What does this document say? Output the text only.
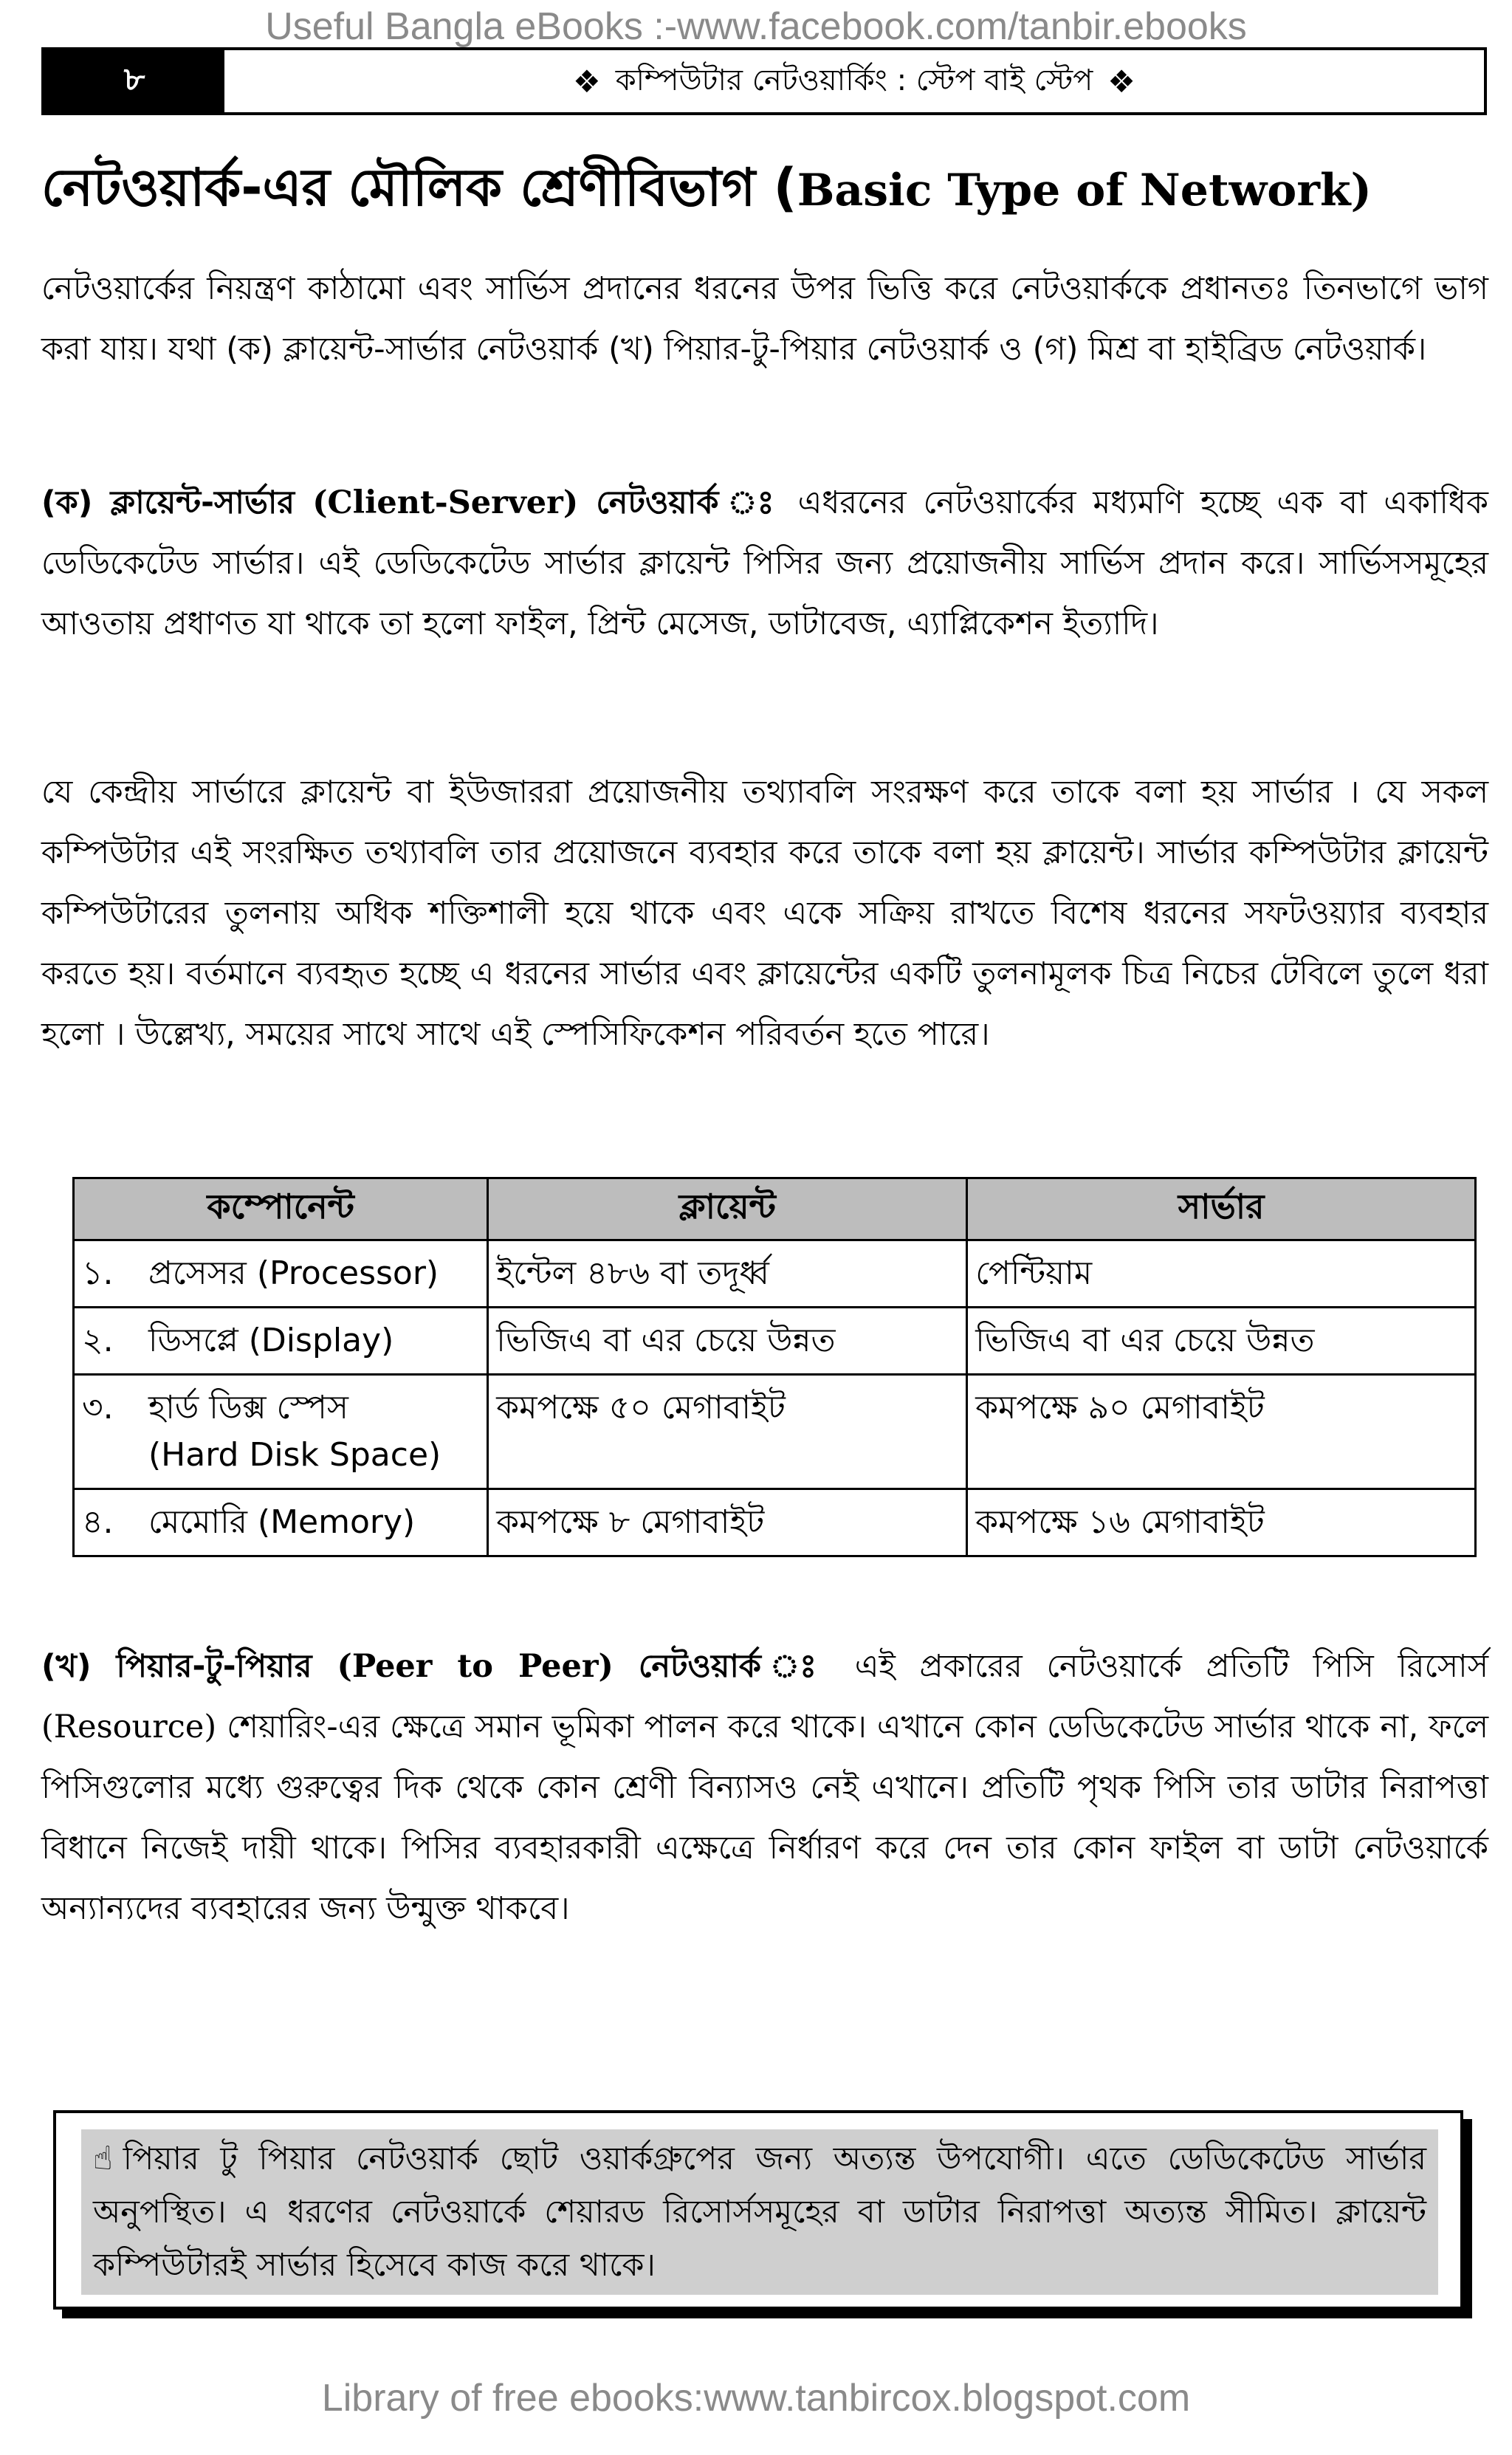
Useful Bangla eBooks :-www.facebook.com/tanbir.ebooks
৮	❖ কম্পিউটার নেটওয়ার্কিং : স্টেপ বাই স্টেপ ❖
নেটওয়ার্ক-এর মৌলিক শ্রেণীবিভাগ (Basic Type of Network)

নেটওয়ার্কের নিয়ন্ত্রণ কাঠামো এবং সার্ভিস প্রদানের ধরনের উপর ভিত্তি করে নেটওয়ার্ককে প্রধানতঃ তিনভাগে ভাগ করা যায়। যথা (ক) ক্লায়েন্ট-সার্ভার নেটওয়ার্ক (খ) পিয়ার-টু-পিয়ার নেটওয়ার্ক ও (গ) মিশ্র বা হাইব্রিড নেটওয়ার্ক।

(ক) ক্লায়েন্ট-সার্ভার (Client-Server) নেটওয়ার্ক ঃ এধরনের নেটওয়ার্কের মধ্যমণি হচ্ছে এক বা একাধিক ডেডিকেটেড সার্ভার। এই ডেডিকেটেড সার্ভার ক্লায়েন্ট পিসির জন্য প্রয়োজনীয় সার্ভিস প্রদান করে। সার্ভিসসমূহের আওতায় প্রধাণত যা থাকে তা হলো ফাইল, প্রিন্ট মেসেজ, ডাটাবেজ, এ্যাপ্লিকেশন ইত্যাদি।

যে কেন্দ্রীয় সার্ভারে ক্লায়েন্ট বা ইউজাররা প্রয়োজনীয় তথ্যাবলি সংরক্ষণ করে তাকে বলা হয় সার্ভার । যে সকল কম্পিউটার এই সংরক্ষিত তথ্যাবলি তার প্রয়োজনে ব্যবহার করে তাকে বলা হয় ক্লায়েন্ট। সার্ভার কম্পিউটার ক্লায়েন্ট কম্পিউটারের তুলনায় অধিক শক্তিশালী হয়ে থাকে এবং একে সক্রিয় রাখতে বিশেষ ধরনের সফটওয়্যার ব্যবহার করতে হয়। বর্তমানে ব্যবহৃত হচ্ছে এ ধরনের সার্ভার এবং ক্লায়েন্টের একটি তুলনামূলক চিত্র নিচের টেবিলে তুলে ধরা হলো । উল্লেখ্য, সময়ের সাথে সাথে এই স্পেসিফিকেশন পরিবর্তন হতে পারে।

কম্পোনেন্ট	ক্লায়েন্ট	সার্ভার
১. প্রসেসর (Processor)	ইন্টেল ৪৮৬ বা তদূর্ধ্ব	পেন্টিয়াম
২. ডিসপ্লে (Display)	ভিজিএ বা এর চেয়ে উন্নত	ভিজিএ বা এর চেয়ে উন্নত
৩. হার্ড ডিক্স স্পেস
(Hard Disk Space)	কমপক্ষে ৫০ মেগাবাইট	কমপক্ষে ৯০ মেগাবাইট
৪. মেমোরি (Memory)	কমপক্ষে ৮ মেগাবাইট	কমপক্ষে ১৬ মেগাবাইট

(খ) পিয়ার-টু-পিয়ার (Peer to Peer) নেটওয়ার্ক ঃ এই প্রকারের নেটওয়ার্কে প্রতিটি পিসি রিসোর্স (Resource) শেয়ারিং-এর ক্ষেত্রে সমান ভূমিকা পালন করে থাকে। এখানে কোন ডেডিকেটেড সার্ভার থাকে না, ফলে পিসিগুলোর মধ্যে গুরুত্বের দিক থেকে কোন শ্রেণী বিন্যাসও নেই এখানে। প্রতিটি পৃথক পিসি তার ডাটার নিরাপত্তা বিধানে নিজেই দায়ী থাকে। পিসির ব্যবহারকারী এক্ষেত্রে নির্ধারণ করে দেন তার কোন ফাইল বা ডাটা নেটওয়ার্কে অন্যান্যদের ব্যবহারের জন্য উন্মুক্ত থাকবে।

☝ পিয়ার টু পিয়ার নেটওয়ার্ক ছোট ওয়ার্কগ্রুপের জন্য অত্যন্ত উপযোগী। এতে ডেডিকেটেড সার্ভার অনুপস্থিত। এ ধরণের নেটওয়ার্কে শেয়ারড রিসোর্সসমূহের বা ডাটার নিরাপত্তা অত্যন্ত সীমিত। ক্লায়েন্ট কম্পিউটারই সার্ভার হিসেবে কাজ করে থাকে।
Library of free ebooks:www.tanbircox.blogspot.com
